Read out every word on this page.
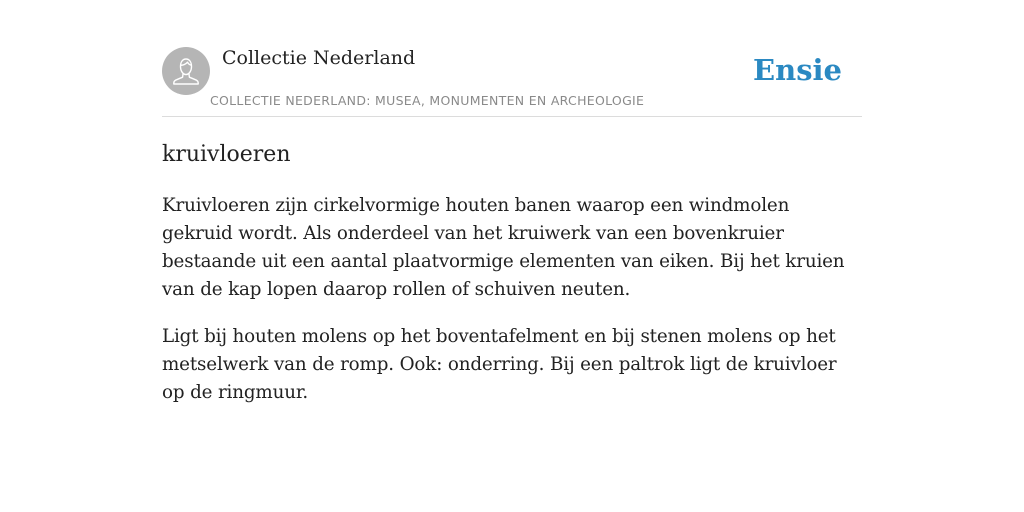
Collectie Nederland
COLLECTIE NEDERLAND: MUSEA, MONUMENTEN EN ARCHEOLOGIE
Ensie
kruivloeren

Kruivloeren zijn cirkelvormige houten banen waarop een windmolen gekruid wordt. Als onderdeel van het kruiwerk van een bovenkruier bestaande uit een aantal plaatvormige elementen van eiken. Bij het kruien van de kap lopen daarop rollen of schuiven neuten.

Ligt bij houten molens op het boventafelment en bij stenen molens op het metselwerk van de romp. Ook: onderring. Bij een paltrok ligt de kruivloer op de ringmuur.
